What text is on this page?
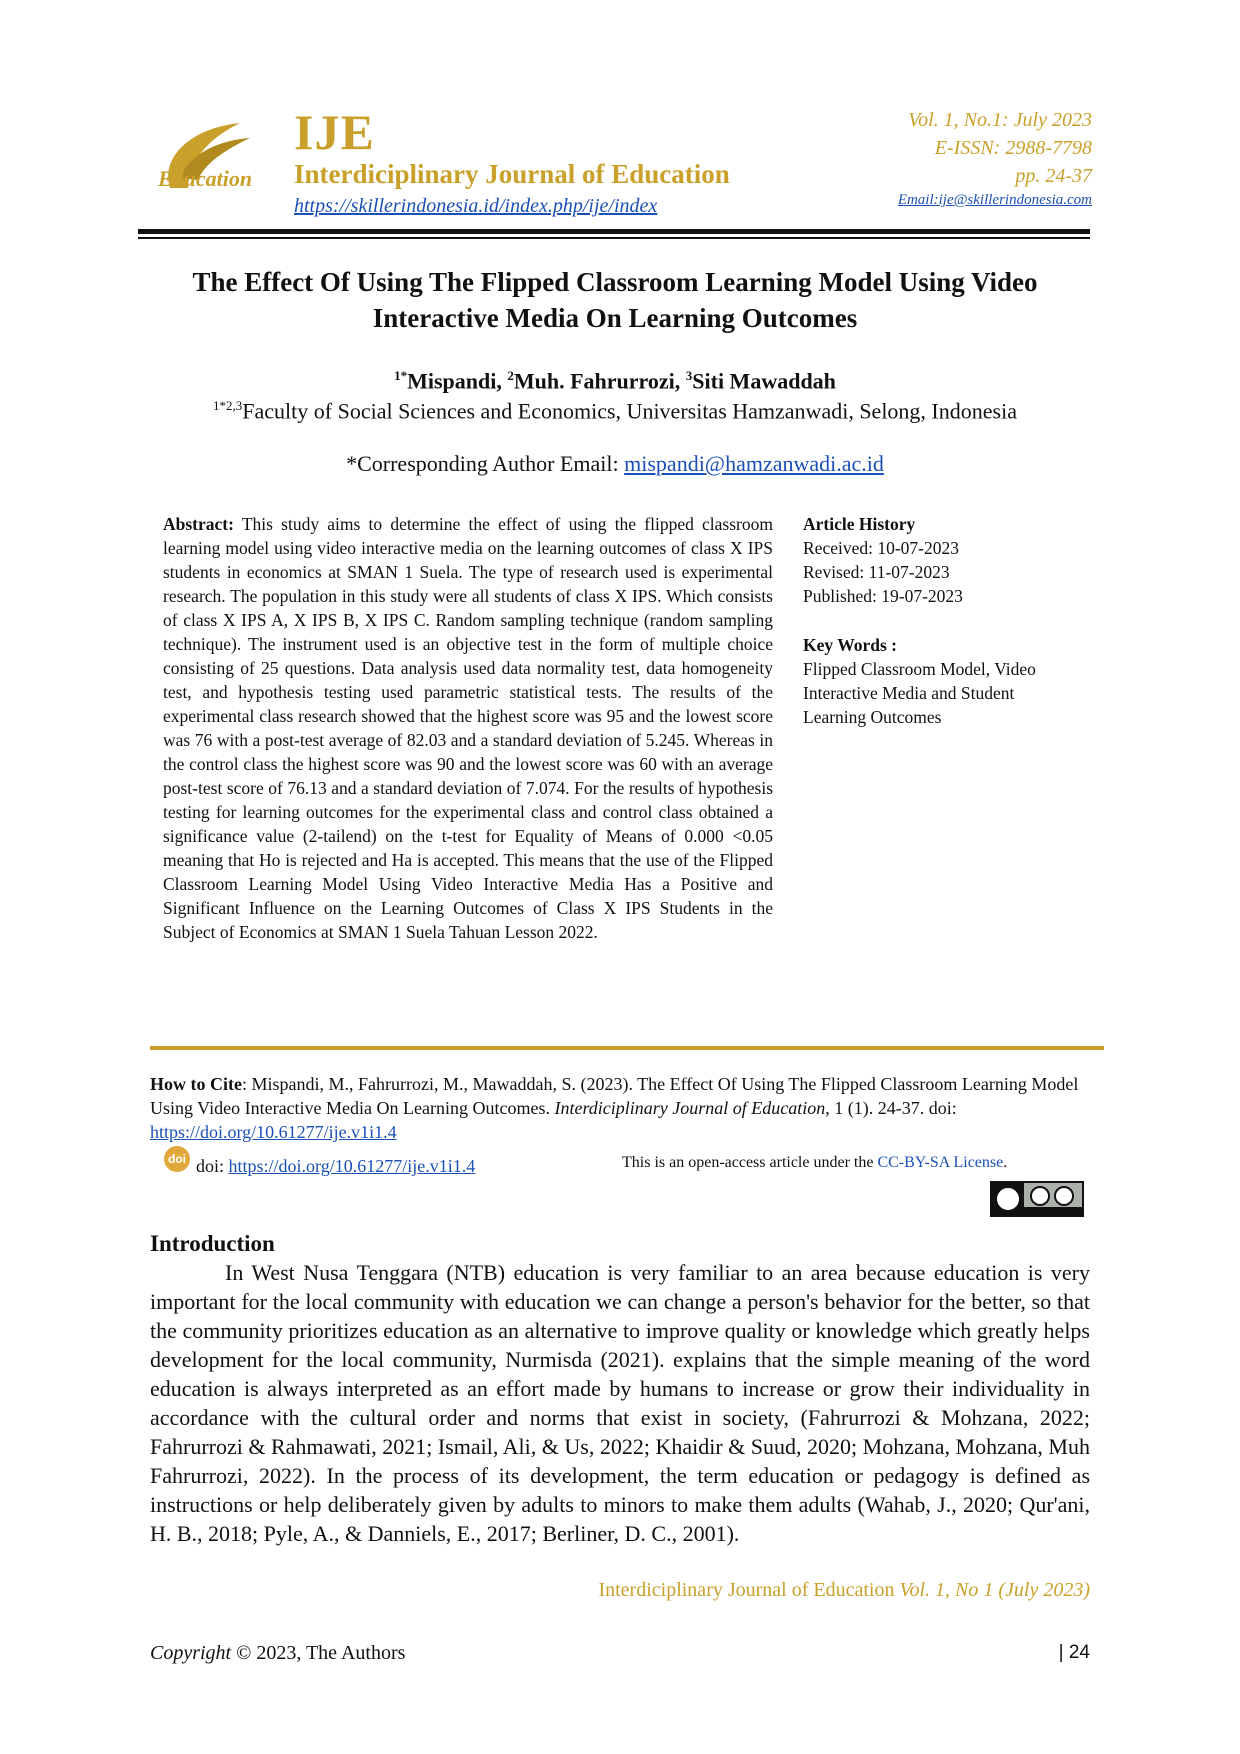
Education
IJE
Interdiciplinary Journal of Education
https://skillerindonesia.id/index.php/ije/index
Vol. 1, No.1: July 2023
E-ISSN: 2988-7798
pp. 24-37
Email:ije@skillerindonesia.com
The Effect Of Using The Flipped Classroom Learning Model Using Video Interactive Media On Learning Outcomes
$^{1*}$Mispandi, $^2$Muh. Fahrurrozi, $^3$Siti Mawaddah
$^{1*2,3}$Faculty of Social Sciences and Economics, Universitas Hamzanwadi, Selong, Indonesia
*Corresponding Author Email: mispandi@hamzanwadi.ac.id
Abstract: This study aims to determine the effect of using the flipped classroom learning model using video interactive media on the learning outcomes of class X IPS students in economics at SMAN 1 Suela. The type of research used is experimental research. The population in this study were all students of class X IPS. Which consists of class X IPS A, X IPS B, X IPS C. Random sampling technique (random sampling technique). The instrument used is an objective test in the form of multiple choice consisting of 25 questions. Data analysis used data normality test, data homogeneity test, and hypothesis testing used parametric statistical tests. The results of the experimental class research showed that the highest score was 95 and the lowest score was 76 with a post-test average of 82.03 and a standard deviation of 5.245. Whereas in the control class the highest score was 90 and the lowest score was 60 with an average post-test score of 76.13 and a standard deviation of 7.074. For the results of hypothesis testing for learning outcomes for the experimental class and control class obtained a significance value (2-tailend) on the t-test for Equality of Means of 0.000 <0.05 meaning that Ho is rejected and Ha is accepted. This means that the use of the Flipped Classroom Learning Model Using Video Interactive Media Has a Positive and Significant Influence on the Learning Outcomes of Class X IPS Students in the Subject of Economics at SMAN 1 Suela Tahuan Lesson 2022.
Article History
Received: 10-07-2023
Revised: 11-07-2023
Published: 19-07-2023
Key Words :
Flipped Classroom Model, Video Interactive Media and Student Learning Outcomes
How to Cite: Mispandi, M., Fahrurrozi, M., Mawaddah, S. (2023). The Effect Of Using The Flipped Classroom Learning Model Using Video Interactive Media On Learning Outcomes. Interdiciplinary Journal of Education, 1 (1). 24-37. doi: https://doi.org/10.61277/ije.v1i1.4
doi doi: https://doi.org/10.61277/ije.v1i1.4	This is an open-access article under the CC-BY-SA License.
Introduction
In West Nusa Tenggara (NTB) education is very familiar to an area because education is very important for the local community with education we can change a person's behavior for the better, so that the community prioritizes education as an alternative to improve quality or knowledge which greatly helps development for the local community, Nurmisda (2021). explains that the simple meaning of the word education is always interpreted as an effort made by humans to increase or grow their individuality in accordance with the cultural order and norms that exist in society, (Fahrurrozi & Mohzana, 2022; Fahrurrozi & Rahmawati, 2021; Ismail, Ali, & Us, 2022; Khaidir & Suud, 2020; Mohzana, Mohzana, Muh Fahrurrozi, 2022). In the process of its development, the term education or pedagogy is defined as instructions or help deliberately given by adults to minors to make them adults (Wahab, J., 2020; Qur'ani, H. B., 2018; Pyle, A., & Danniels, E., 2017; Berliner, D. C., 2001).
Interdiciplinary Journal of Education Vol. 1, No 1 (July 2023)
Copyright © 2023, The Authors	| 24
